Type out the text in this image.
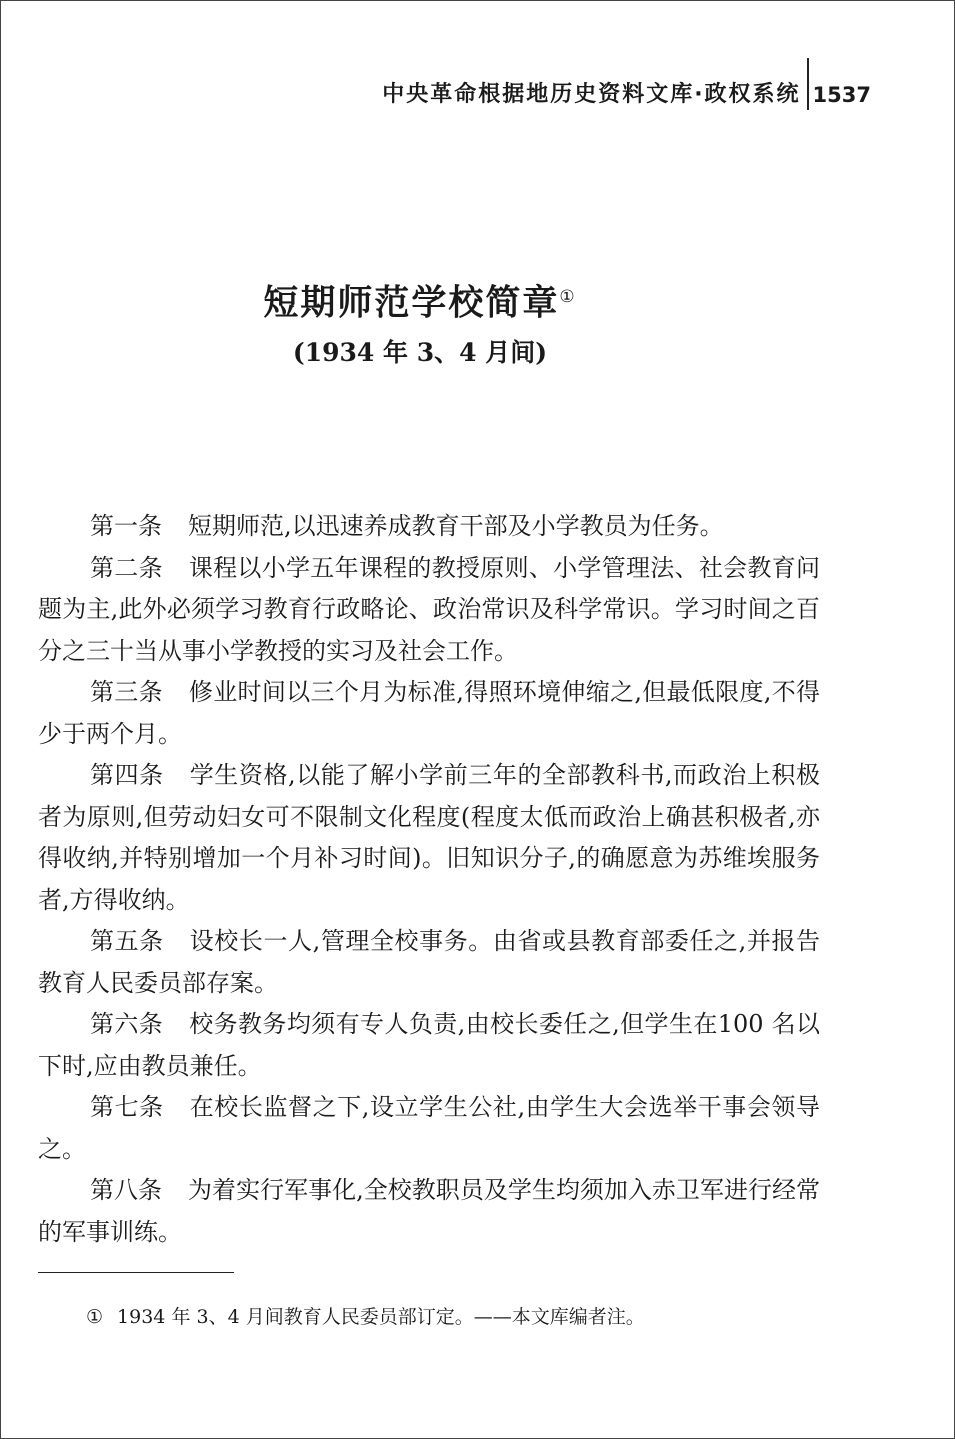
中央革命根据地历史资料文库·政权系统 1537
短期师范学校简章①
(1934 年 3、4 月间)

第一条 短期师范,以迅速养成教育干部及小学教员为任务。

第二条 课程以小学五年课程的教授原则、小学管理法、社会教育问题为主,此外必须学习教育行政略论、政治常识及科学常识。学习时间之百分之三十当从事小学教授的实习及社会工作。

第三条 修业时间以三个月为标准,得照环境伸缩之,但最低限度,不得少于两个月。

第四条 学生资格,以能了解小学前三年的全部教科书,而政治上积极者为原则,但劳动妇女可不限制文化程度(程度太低而政治上确甚积极者,亦得收纳,并特别增加一个月补习时间)。旧知识分子,的确愿意为苏维埃服务者,方得收纳。

第五条 设校长一人,管理全校事务。由省或县教育部委任之,并报告教育人民委员部存案。

第六条 校务教务均须有专人负责,由校长委任之,但学生在100 名以下时,应由教员兼任。

第七条 在校长监督之下,设立学生公社,由学生大会选举干事会领导之。

第八条 为着实行军事化,全校教职员及学生均须加入赤卫军进行经常的军事训练。

① 1934 年 3、4 月间教育人民委员部订定。——本文库编者注。
